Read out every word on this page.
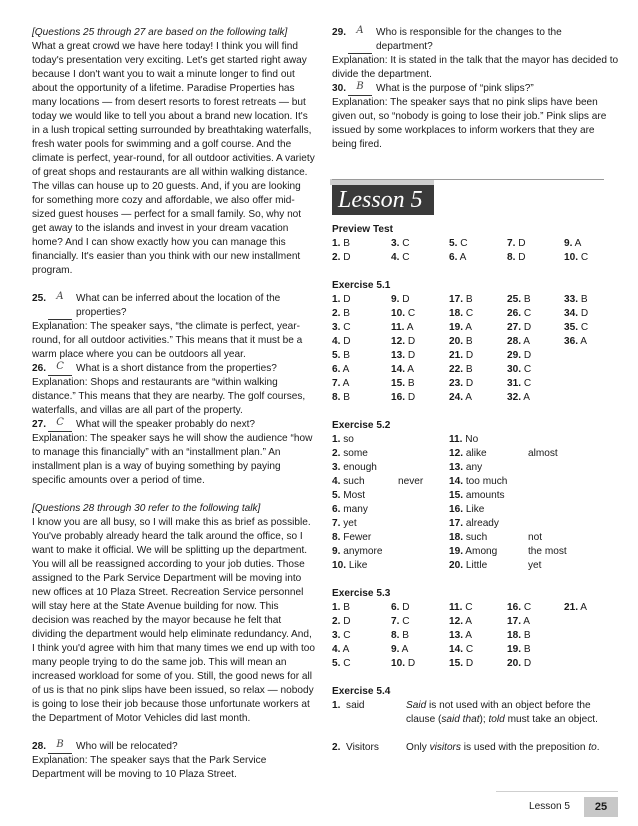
[Questions 25 through 27 are based on the following talk]

What a great crowd we have here today! I think you will find today's presentation very exciting. Let's get started right away because I don't want you to wait a minute longer to find out about the opportunity of a lifetime. Paradise Properties has many locations — from desert resorts to forest retreats — but today we would like to tell you about a brand new location. It's in a lush tropical setting surrounded by breathtaking waterfalls, fresh water pools for swimming and a golf course. And the climate is perfect, year-round, for all outdoor activities. A variety of great shops and restaurants are all within walking distance. The villas can house up to 20 guests. And, if you are looking for something more cozy and affordable, we also offer mid-sized guest houses — perfect for a small family. So, why not get away to the islands and invest in your dream vacation home? And I can show exactly how you can manage this financially. It's easier than you think with our new installment program.

25.	A	What can be inferred about the location of the properties?

Explanation: The speaker says, “the climate is perfect, year-round, for all outdoor activities.” This means that it must be a warm place where you can be outdoors all year.

26.	C	What is a short distance from the properties?

Explanation: Shops and restaurants are “within walking distance.” This means that they are nearby. The golf courses, waterfalls, and villas are all part of the property.

27.	C	What will the speaker probably do next?

Explanation: The speaker says he will show the audience “how to manage this financially” with an “installment plan.” An installment plan is a way of buying something by paying specific amounts over a period of time.

[Questions 28 through 30 refer to the following talk]

I know you are all busy, so I will make this as brief as possible. You've probably already heard the talk around the office, so I want to make it official. We will be splitting up the department. You will all be reassigned according to your job duties. Those assigned to the Park Service Department will be moving into new offices at 10 Plaza Street. Recreation Service personnel will stay here at the State Avenue building for now. This decision was reached by the mayor because he felt that dividing the department would help eliminate redundancy. And, I think you'd agree with him that many times we end up with too many people trying to do the same job. This will mean an increased workload for some of you. Still, the good news for all of us is that no pink slips have been issued, so relax — nobody is going to lose their job because those unfortunate workers at the Department of Motor Vehicles did last month.

28.	B	Who will be relocated?

Explanation: The speaker says that the Park Service Department will be moving to 10 Plaza Street.

29.	A	Who is responsible for the changes to the department?

Explanation: It is stated in the talk that the mayor has decided to divide the department.

30.	B	What is the purpose of “pink slips?”

Explanation: The speaker says that no pink slips have been given out, so “nobody is going to lose their job.” Pink slips are issued by some workplaces to inform workers that they are being fired.

Lesson 5
Preview Test
1. B	3. C	5. C	7. D	9. A
2. D	4. C	6. A	8. D	10. C
Exercise 5.1
1. D	9. D	17. B	25. B	33. B
2. B	10. C	18. C	26. C	34. D
3. C	11. A	19. A	27. D	35. C
4. D	12. D	20. B	28. A	36. A
5. B	13. D	21. D	29. D
6. A	14. A	22. B	30. C
7. A	15. B	23. D	31. C
8. B	16. D	24. A	32. A
Exercise 5.2
1. so	11. No
2. some	12. alike	almost
3. enough	13. any
4. such	never	14. too much
5. Most	15. amounts
6. many	16. Like
7. yet	17. already
8. Fewer	18. such	not
9. anymore	19. Among	the most
10. Like	20. Little	yet
Exercise 5.3
1. B	6. D	11. C	16. C	21. A
2. D	7. C	12. A	17. A
3. C	8. B	13. A	18. B
4. A	9. A	14. C	19. B
5. C	10. D	15. D	20. D
Exercise 5.4
1. said	Said is not used with an object before the clause (said that); told must take an object.
2. Visitors	Only visitors is used with the preposition to.
Lesson 5	25
